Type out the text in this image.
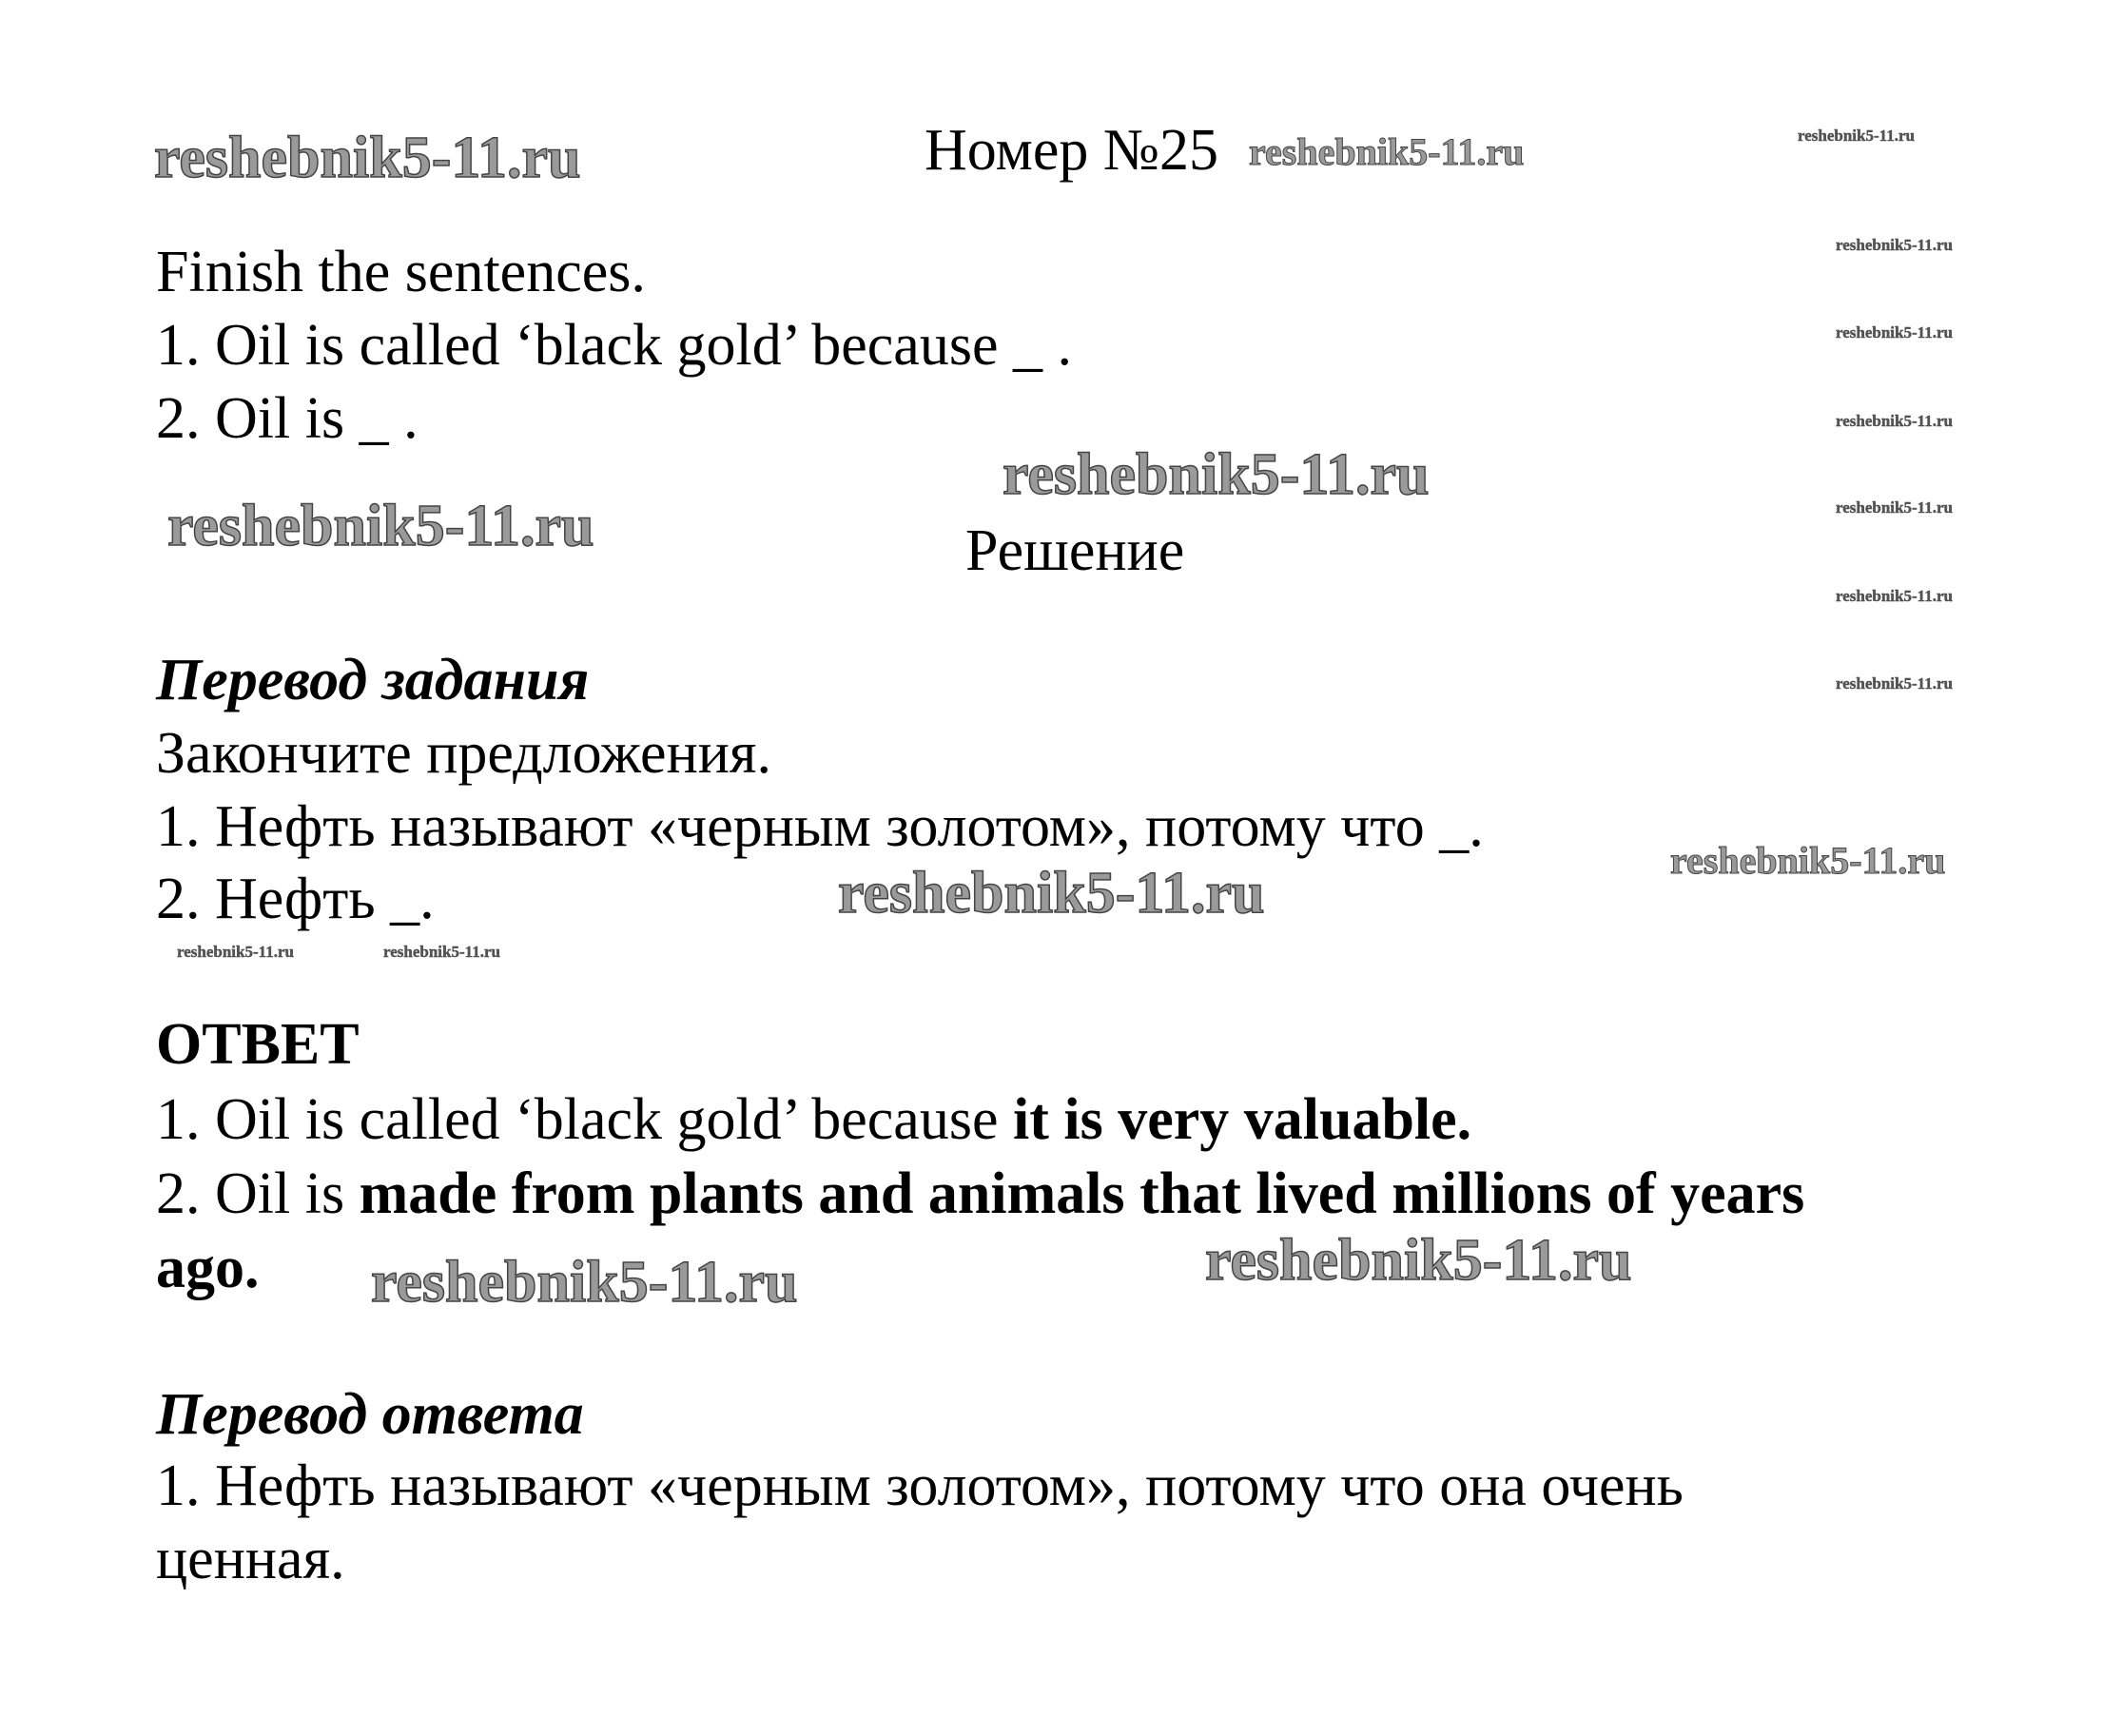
Номер №25
Finish the sentences.
1. Oil is called ‘black gold’ because _ .
2. Oil is _ .
Решение
Перевод задания
Закончите предложения.
1. Нефть называют «черным золотом», потому что _.
2. Нефть _.
ОТВЕТ
1. Oil is called ‘black gold’ because it is very valuable.
2. Oil is made from plants and animals that lived millions of years
ago.
Перевод ответа
1. Нефть называют «черным золотом», потому что она очень
ценная.
reshebnik5-11.ru	reshebnik5-11.ru
reshebnik5-11.ru
reshebnik5-11.ru
reshebnik5-11.ru
reshebnik5-11.ru
reshebnik5-11.ru	reshebnik5-11.ru
reshebnik5-11.ru	reshebnik5-11.ru
reshebnik5-11.ru
reshebnik5-11.ru
reshebnik5-11.ru
reshebnik5-11.ru
reshebnik5-11.ru
reshebnik5-11.ru
reshebnik5-11.ru
